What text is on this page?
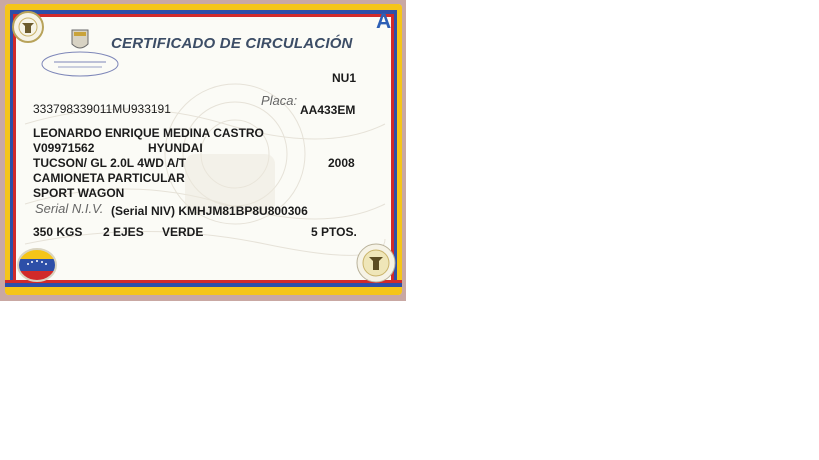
CERTIFICADO DE CIRCULACIÓN
A
NU1
333798339011MU933191
Placa:
AA433EM
LEONARDO ENRIQUE MEDINA CASTRO
V09971562	HYUNDAI
TUCSON/ GL 2.0L 4WD A/T	2008
CAMIONETA PARTICULAR
SPORT WAGON
Serial N.I.V. (Serial NIV) KMHJM81BP8U800306
350 KGS 2 EJES VERDE	5 PTOS.
